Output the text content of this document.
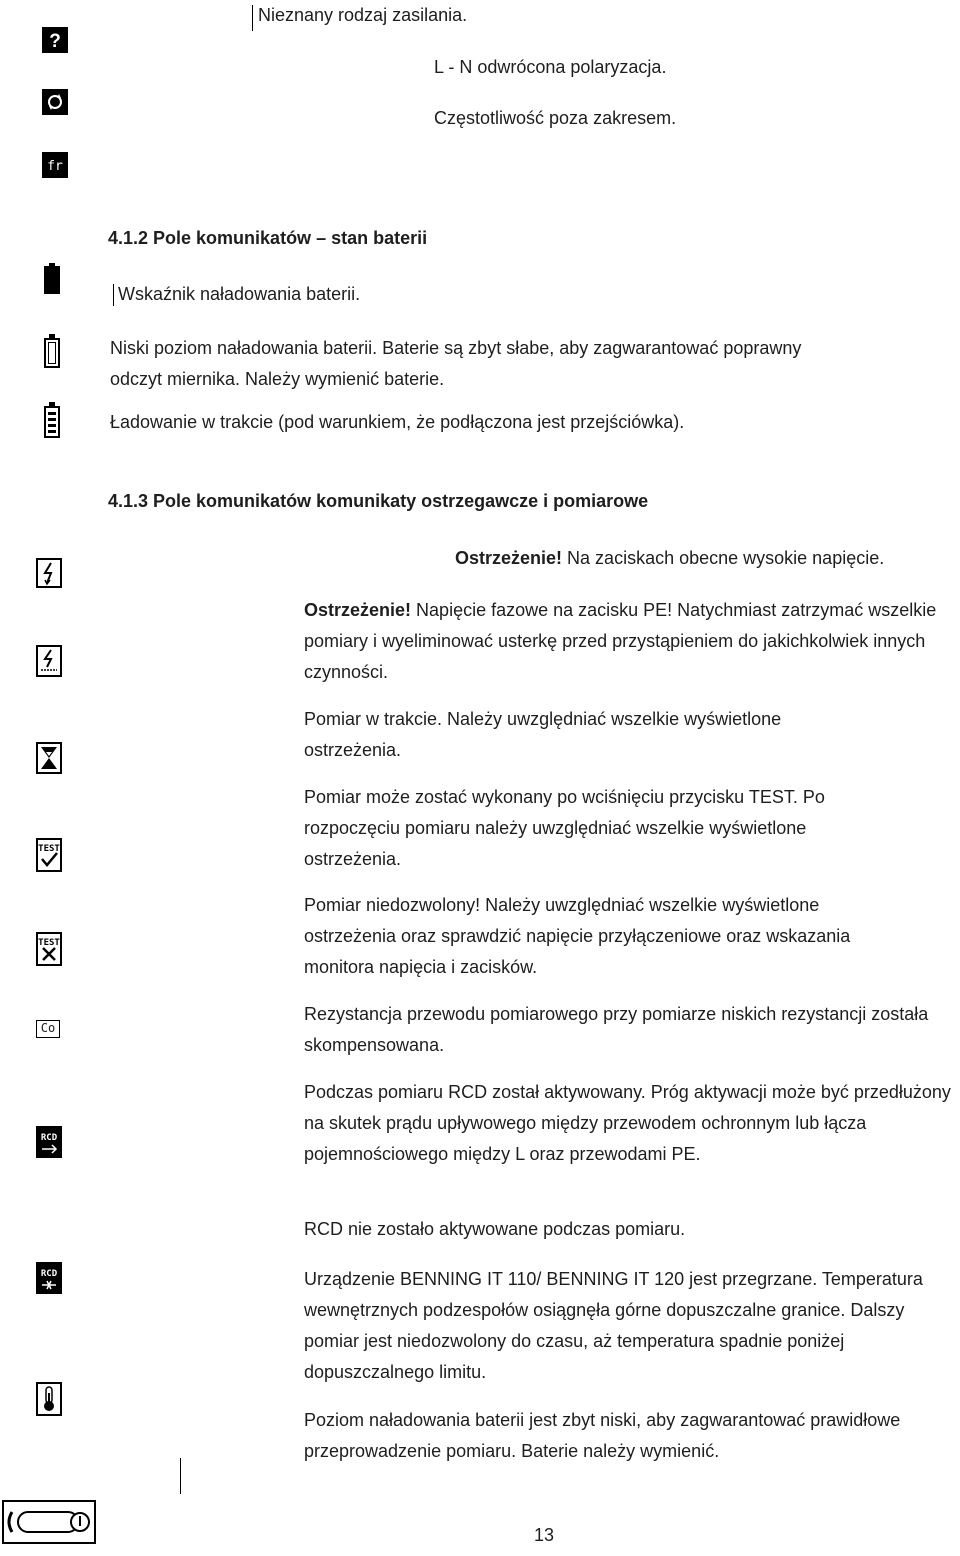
?
Nieznany rodzaj zasilania.
L - N odwrócona polaryzacja.
fr
Częstotliwość poza zakresem.
4.1.2 Pole komunikatów – stan baterii
Wskaźnik naładowania baterii.
Niski poziom naładowania baterii. Baterie są zbyt słabe, aby zagwarantować poprawny
odczyt miernika. Należy wymienić baterie.
Ładowanie w trakcie (pod warunkiem, że podłączona jest przejściówka).
4.1.3 Pole komunikatów komunikaty ostrzegawcze i pomiarowe
Ostrzeżenie! Na zaciskach obecne wysokie napięcie.
Ostrzeżenie! Napięcie fazowe na zacisku PE! Natychmiast zatrzymać wszelkie pomiary i wyeliminować usterkę przed przystąpieniem do jakichkolwiek innych czynności.
Pomiar w trakcie. Należy uwzględniać wszelkie wyświetlone ostrzeżenia.
TEST
Pomiar może zostać wykonany po wciśnięciu przycisku TEST. Po rozpoczęciu pomiaru należy uwzględniać wszelkie wyświetlone ostrzeżenia.
TEST
Pomiar niedozwolony! Należy uwzględniać wszelkie wyświetlone ostrzeżenia oraz sprawdzić napięcie przyłączeniowe oraz wskazania monitora napięcia i zacisków.
Co
Rezystancja przewodu pomiarowego przy pomiarze niskich rezystancji została skompensowana.
RCD
Podczas pomiaru RCD został aktywowany. Próg aktywacji może być przedłużony na skutek prądu upływowego między przewodem ochronnym lub łącza pojemnościowego między L oraz przewodami PE.
RCD nie zostało aktywowane podczas pomiaru.
RCD	Urządzenie BENNING IT 110/ BENNING IT 120 jest przegrzane. Temperatura wewnętrznych podzespołów osiągnęła górne dopuszczalne granice. Dalszy pomiar jest niedozwolony do czasu, aż temperatura spadnie poniżej dopuszczalnego limitu.
Poziom naładowania baterii jest zbyt niski, aby zagwarantować prawidłowe przeprowadzenie pomiaru. Baterie należy wymienić.
13
